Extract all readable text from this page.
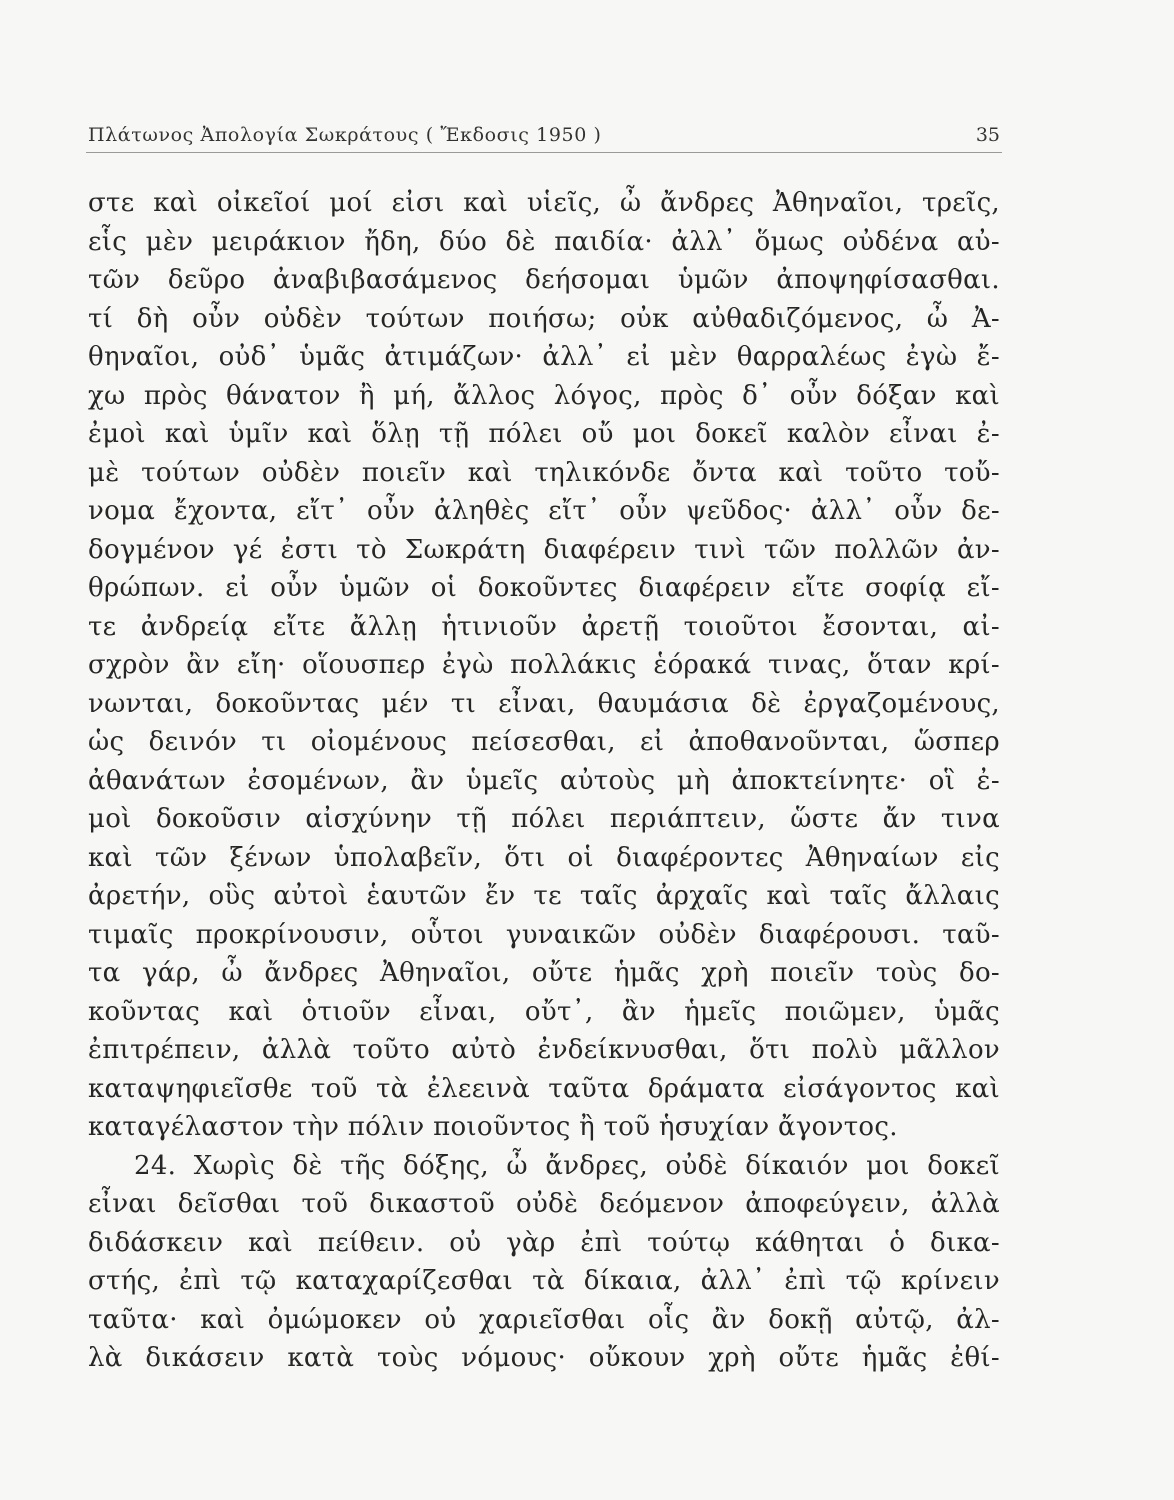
Πλάτωνος Ἀπολογία Σωκράτους ( Ἔκδοσις 1950 )	35
στε καὶ οἰκεῖοί μοί εἰσι καὶ υἱεῖς, ὦ ἄνδρες Ἀθηναῖοι, τρεῖς,
εἷς μὲν μειράκιον ἤδη, δύο δὲ παιδία· ἀλλ᾽ ὅμως οὐδένα αὐ-
τῶν δεῦρο ἀναβιβασάμενος δεήσομαι ὑμῶν ἀποψηφίσασθαι.
τί δὴ οὖν οὐδὲν τούτων ποιήσω; οὐκ αὐθαδιζόμενος, ὦ Ἀ-
θηναῖοι, οὐδ᾽ ὑμᾶς ἀτιμάζων· ἀλλ᾽ εἰ μὲν θαρραλέως ἐγὼ ἔ-
χω πρὸς θάνατον ἢ μή, ἄλλος λόγος, πρὸς δ᾽ οὖν δόξαν καὶ
ἐμοὶ καὶ ὑμῖν καὶ ὅλῃ τῇ πόλει οὔ μοι δοκεῖ καλὸν εἶναι ἐ-
μὲ τούτων οὐδὲν ποιεῖν καὶ τηλικόνδε ὄντα καὶ τοῦτο τοὔ-
νομα ἔχοντα, εἴτ᾽ οὖν ἀληθὲς εἴτ᾽ οὖν ψεῦδος· ἀλλ᾽ οὖν δε-
δογμένον γέ ἐστι τὸ Σωκράτη διαφέρειν τινὶ τῶν πολλῶν ἀν-
θρώπων. εἰ οὖν ὑμῶν οἱ δοκοῦντες διαφέρειν εἴτε σοφίᾳ εἴ-
τε ἀνδρείᾳ εἴτε ἄλλῃ ἡτινιοῦν ἀρετῇ τοιοῦτοι ἔσονται, αἰ-
σχρὸν ἂν εἴη· οἵουσπερ ἐγὼ πολλάκις ἑόρακά τινας, ὅταν κρί-
νωνται, δοκοῦντας μέν τι εἶναι, θαυμάσια δὲ ἐργαζομένους,
ὡς δεινόν τι οἰομένους πείσεσθαι, εἰ ἀποθανοῦνται, ὥσπερ
ἀθανάτων ἐσομένων, ἂν ὑμεῖς αὐτοὺς μὴ ἀποκτείνητε· οἳ ἐ-
μοὶ δοκοῦσιν αἰσχύνην τῇ πόλει περιάπτειν, ὥστε ἄν τινα
καὶ τῶν ξένων ὑπολαβεῖν, ὅτι οἱ διαφέροντες Ἀθηναίων εἰς
ἀρετήν, οὓς αὐτοὶ ἑαυτῶν ἔν τε ταῖς ἀρχαῖς καὶ ταῖς ἄλλαις
τιμαῖς προκρίνουσιν, οὗτοι γυναικῶν οὐδὲν διαφέρουσι. ταῦ-
τα γάρ, ὦ ἄνδρες Ἀθηναῖοι, οὔτε ἡμᾶς χρὴ ποιεῖν τοὺς δο-
κοῦντας καὶ ὁτιοῦν εἶναι, οὔτ᾽, ἂν ἡμεῖς ποιῶμεν, ὑμᾶς
ἐπιτρέπειν, ἀλλὰ τοῦτο αὐτὸ ἐνδείκνυσθαι, ὅτι πολὺ μᾶλλον
καταψηφιεῖσθε τοῦ τὰ ἐλεεινὰ ταῦτα δράματα εἰσάγοντος καὶ
καταγέλαστον τὴν πόλιν ποιοῦντος ἢ τοῦ ἡσυχίαν ἄγοντος.
24. Χωρὶς δὲ τῆς δόξης, ὦ ἄνδρες, οὐδὲ δίκαιόν μοι δοκεῖ
εἶναι δεῖσθαι τοῦ δικαστοῦ οὐδὲ δεόμενον ἀποφεύγειν, ἀλλὰ
διδάσκειν καὶ πείθειν. οὐ γὰρ ἐπὶ τούτῳ κάθηται ὁ δικα-
στής, ἐπὶ τῷ καταχαρίζεσθαι τὰ δίκαια, ἀλλ᾽ ἐπὶ τῷ κρίνειν
ταῦτα· καὶ ὀμώμοκεν οὐ χαριεῖσθαι οἷς ἂν δοκῇ αὐτῷ, ἀλ-
λὰ δικάσειν κατὰ τοὺς νόμους· οὔκουν χρὴ οὔτε ἡμᾶς ἐθί-
